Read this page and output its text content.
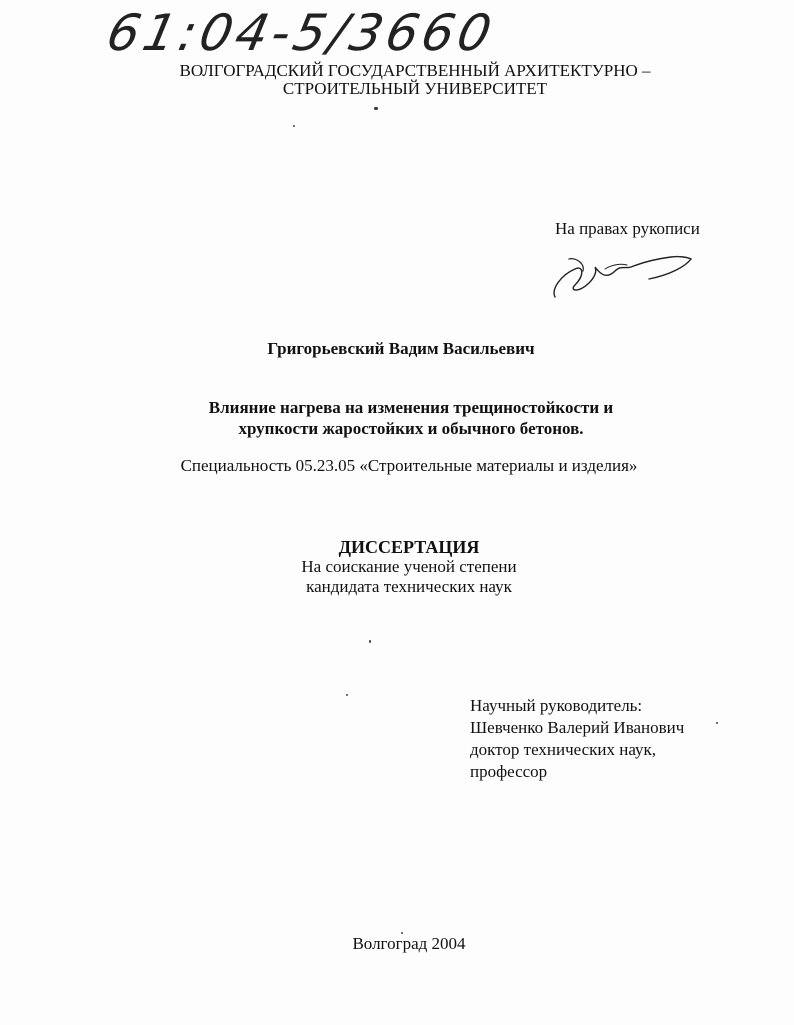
61:04-5/3660
ВОЛГОГРАДСКИЙ ГОСУДАРСТВЕННЫЙ АРХИТЕКТУРНО –
СТРОИТЕЛЬНЫЙ УНИВЕРСИТЕТ
На правах рукописи
Григорьевский Вадим Васильевич
Влияние нагрева на изменения трещиностойкости и
хрупкости жаростойких и обычного бетонов.
Специальность 05.23.05 «Строительные материалы и изделия»
ДИССЕРТАЦИЯ
На соискание ученой степени
кандидата технических наук
Научный руководитель:
Шевченко Валерий Иванович
доктор технических наук,
профессор
Волгоград 2004
